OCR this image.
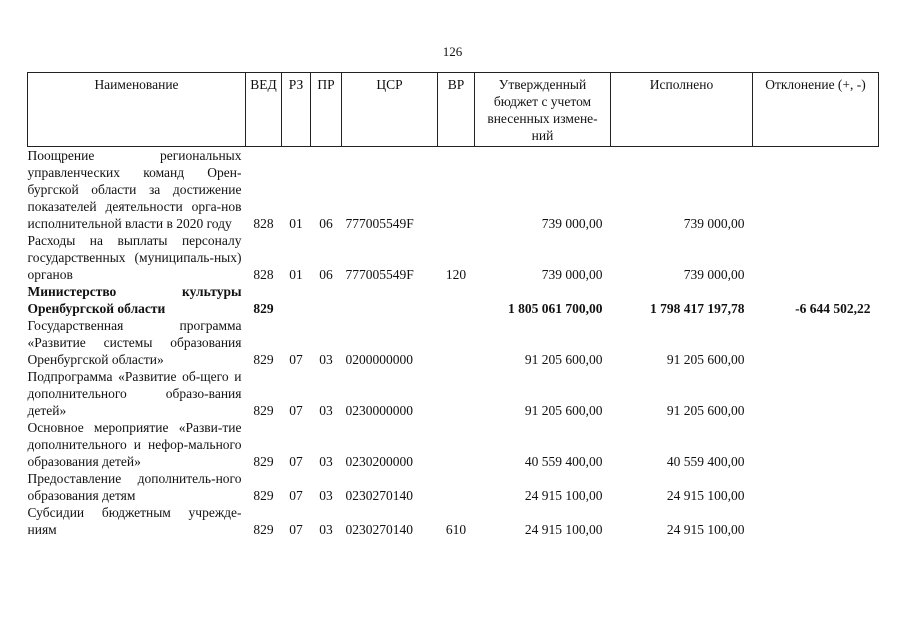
126
Наименование	ВЕД	РЗ	ПР	ЦСР	ВР	Утвержденный бюджет с учетом внесенных измене-ний	Исполнено	Отклонение (+, -)
Поощрение региональных управленческих команд Орен-бургской области за достижение показателей деятельности орга-нов исполнительной власти в 2020 году	828	01	06	777005549F		739 000,00	739 000,00	
Расходы на выплаты персоналу государственных (муниципаль-ных) органов	828	01	06	777005549F	120	739 000,00	739 000,00	
Министерство культуры Оренбургской области	829					1 805 061 700,00	1 798 417 197,78	-6 644 502,22
Государственная программа «Развитие системы образования Оренбургской области»	829	07	03	0200000000		91 205 600,00	91 205 600,00	
Подпрограмма «Развитие об-щего и дополнительного образо-вания детей»	829	07	03	0230000000		91 205 600,00	91 205 600,00	
Основное мероприятие «Разви-тие дополнительного и нефор-мального образования детей»	829	07	03	0230200000		40 559 400,00	40 559 400,00	
Предоставление дополнитель-ного образования детям	829	07	03	0230270140		24 915 100,00	24 915 100,00	
Субсидии бюджетным учрежде-ниям	829	07	03	0230270140	610	24 915 100,00	24 915 100,00	
